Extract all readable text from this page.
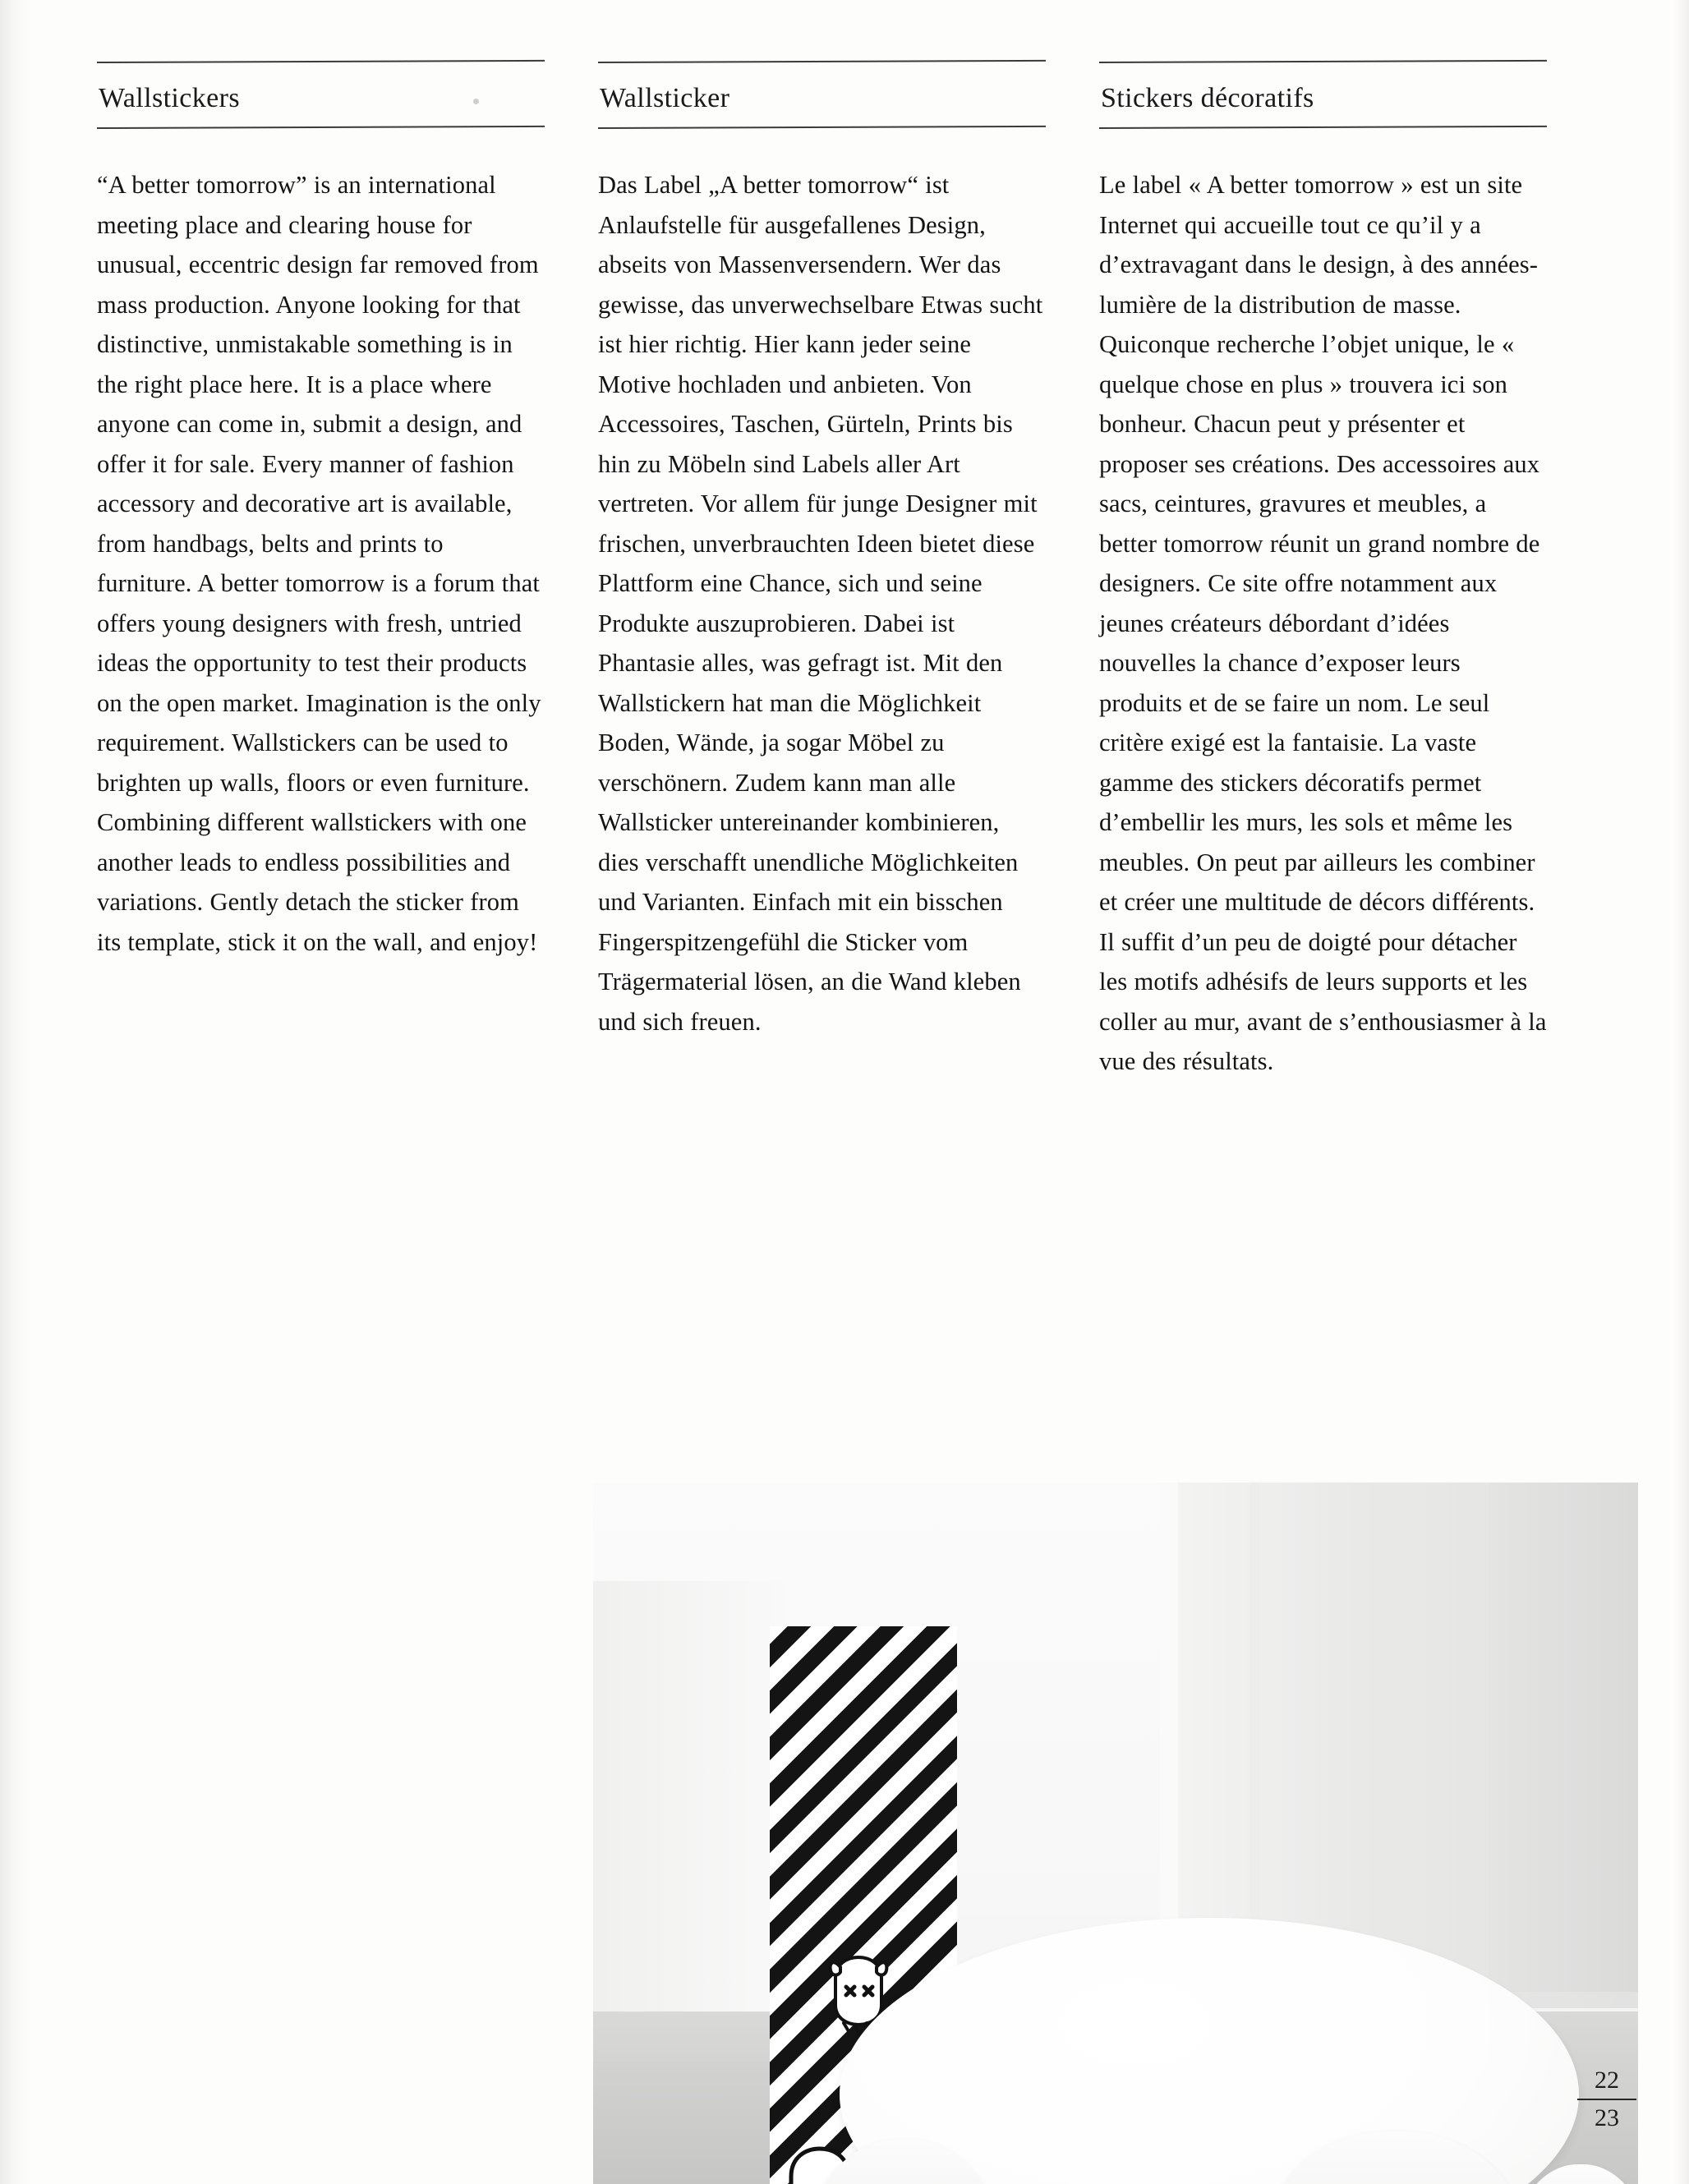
Wallstickers

“A better tomorrow” is an international meeting place and clearing house for unusual, eccentric design far removed from mass production. Anyone looking for that distinctive, unmistakable something is in the right place here. It is a place where anyone can come in, submit a design, and offer it for sale. Every manner of fashion accessory and decorative art is available, from handbags, belts and prints to furniture. A better tomorrow is a forum that offers young designers with fresh, untried ideas the opportunity to test their products on the open market. Imagination is the only requirement. Wallstickers can be used to brighten up walls, floors or even furniture. Combining different wallstickers with one another leads to endless possibilities and variations. Gently detach the sticker from its template, stick it on the wall, and enjoy!

Wallsticker

Das Label „A better tomorrow“ ist Anlaufstelle für ausgefallenes Design, abseits von Massenversendern. Wer das gewisse, das unverwechselbare Etwas sucht ist hier richtig. Hier kann jeder seine Motive hochladen und anbieten. Von Accessoires, Taschen, Gürteln, Prints bis hin zu Möbeln sind Labels aller Art vertreten. Vor allem für junge Designer mit frischen, unverbrauchten Ideen bietet diese Plattform eine Chance, sich und seine Produkte auszuprobieren. Dabei ist Phantasie alles, was gefragt ist. Mit den Wallstickern hat man die Möglichkeit Boden, Wände, ja sogar Möbel zu verschönern. Zudem kann man alle Wallsticker untereinander kombinieren, dies verschafft unendliche Möglichkeiten und Varianten. Einfach mit ein bisschen Fingerspitzengefühl die Sticker vom Trägermaterial lösen, an die Wand kleben und sich freuen.

Stickers décoratifs

Le label « A better tomorrow » est un site Internet qui accueille tout ce qu’il y a d’extravagant dans le design, à des années-lumière de la distribution de masse. Quiconque recherche l’objet unique, le « quelque chose en plus » trouvera ici son bonheur. Chacun peut y présenter et proposer ses créations. Des accessoires aux sacs, ceintures, gravures et meubles, a better tomorrow réunit un grand nombre de designers. Ce site offre notamment aux jeunes créateurs débordant d’idées nouvelles la chance d’exposer leurs produits et de se faire un nom. Le seul critère exigé est la fantaisie. La vaste gamme des stickers décoratifs permet d’embellir les murs, les sols et même les meubles. On peut par ailleurs les combiner et créer une multitude de décors différents. Il suffit d’un peu de doigté pour détacher les motifs adhésifs de leurs supports et les coller au mur, avant de s’enthousiasmer à la vue des résultats.

22
23
